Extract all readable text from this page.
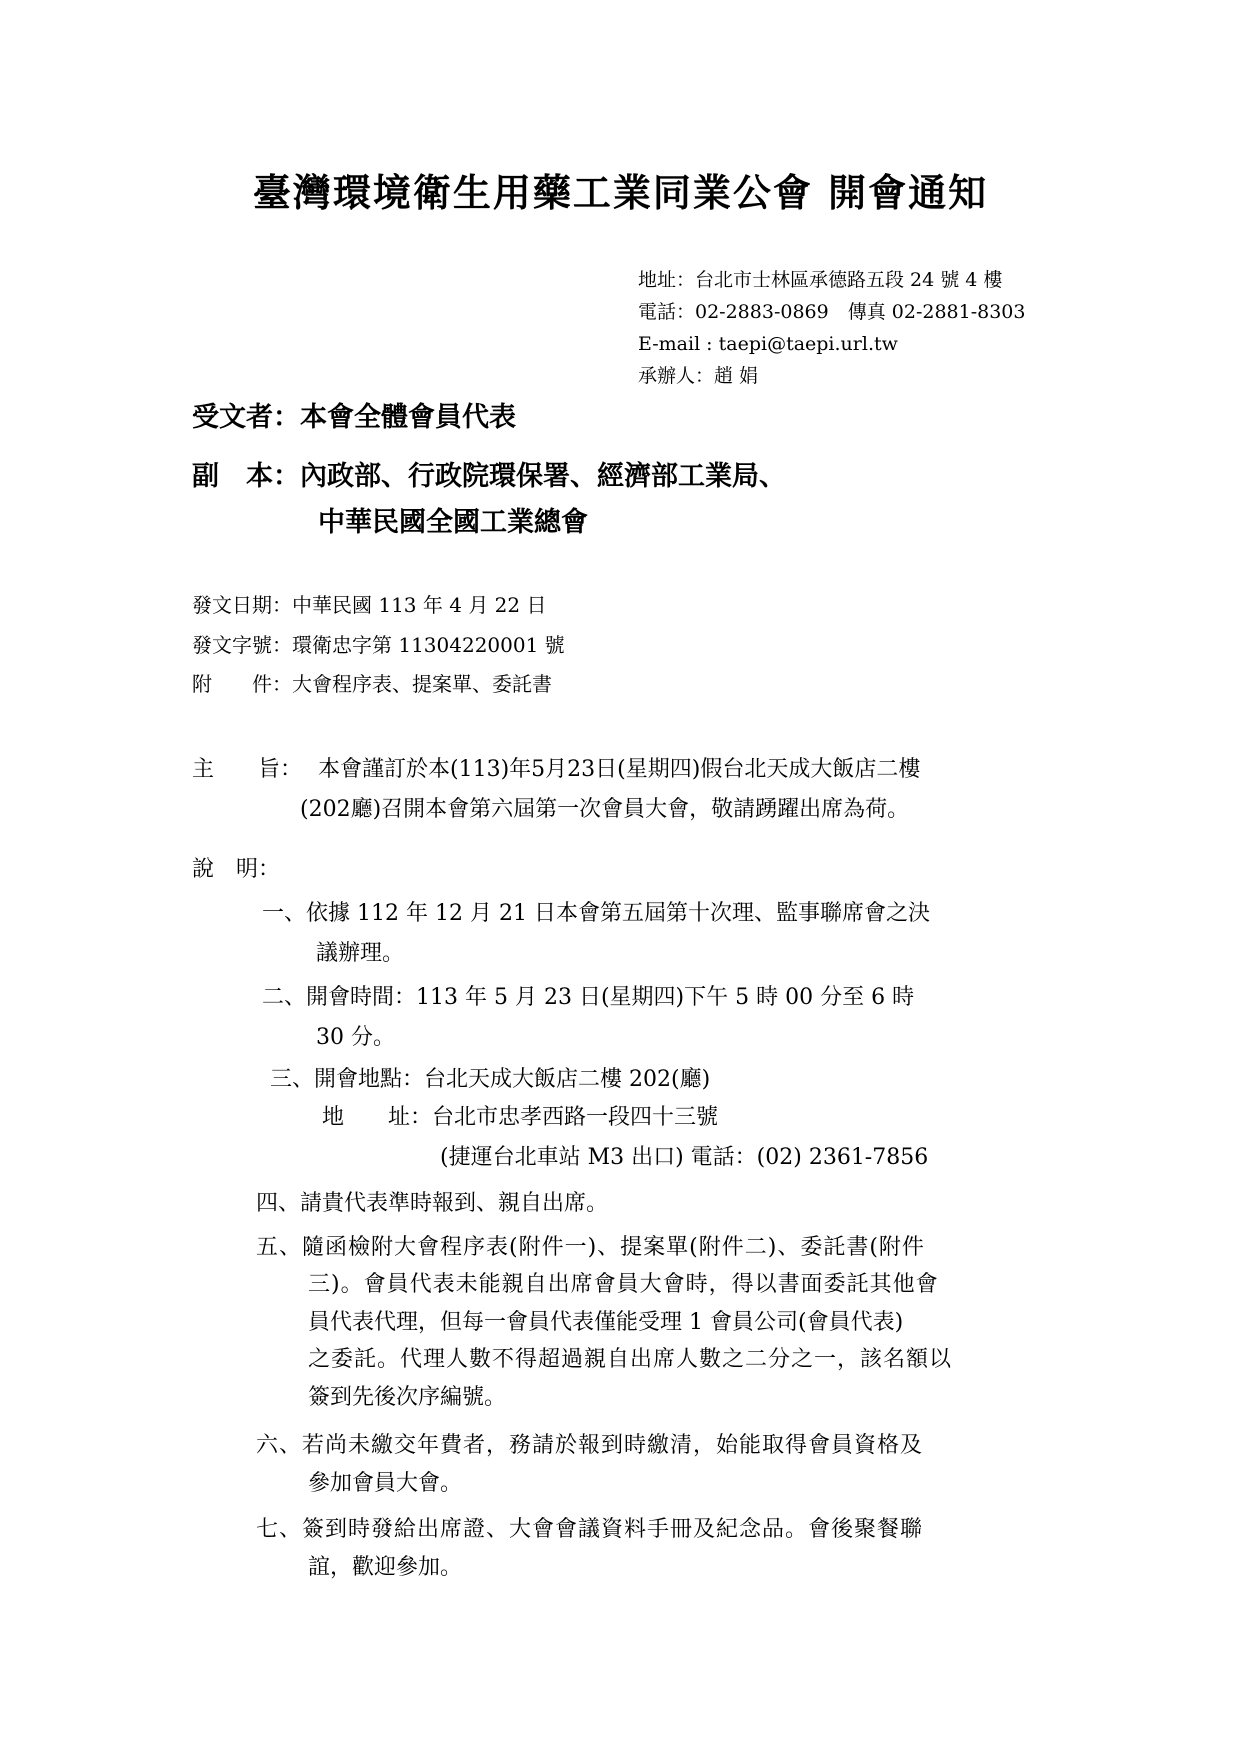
臺灣環境衛生用藥工業同業公會 開會通知
地址：台北市士林區承德路五段 24 號 4 樓
電話：02-2883-0869　傳真 02-2881-8303
E-mail : taepi@taepi.url.tw
承辦人：趙 娟
受文者：本會全體會員代表
副　本：內政部、行政院環保署、經濟部工業局、
中華民國全國工業總會
發文日期：中華民國 113 年 4 月 22 日
發文字號：環衛忠字第 11304220001 號
附　　件：大會程序表、提案單、委託書
主　　旨： 本會謹訂於本(113)年5月23日(星期四)假台北天成大飯店二樓
(202廳)召開本會第六屆第一次會員大會，敬請踴躍出席為荷。
說　明：
一、依據 112 年 12 月 21 日本會第五屆第十次理、監事聯席會之決
議辦理。
二、開會時間：113 年 5 月 23 日(星期四)下午 5 時 00 分至 6 時
30 分。
三、開會地點：台北天成大飯店二樓 202(廳)
地　　址：台北市忠孝西路一段四十三號
(捷運台北車站 M3 出口) 電話：(02) 2361-7856
四、請貴代表準時報到、親自出席。
五、隨函檢附大會程序表(附件一)、提案單(附件二)、委託書(附件
三)。會員代表未能親自出席會員大會時，得以書面委託其他會
員代表代理，但每一會員代表僅能受理 1 會員公司(會員代表)
之委託。代理人數不得超過親自出席人數之二分之一，該名額以
簽到先後次序編號。
六、若尚未繳交年費者，務請於報到時繳清，始能取得會員資格及
參加會員大會。
七、簽到時發給出席證、大會會議資料手冊及紀念品。會後聚餐聯
誼，歡迎參加。
